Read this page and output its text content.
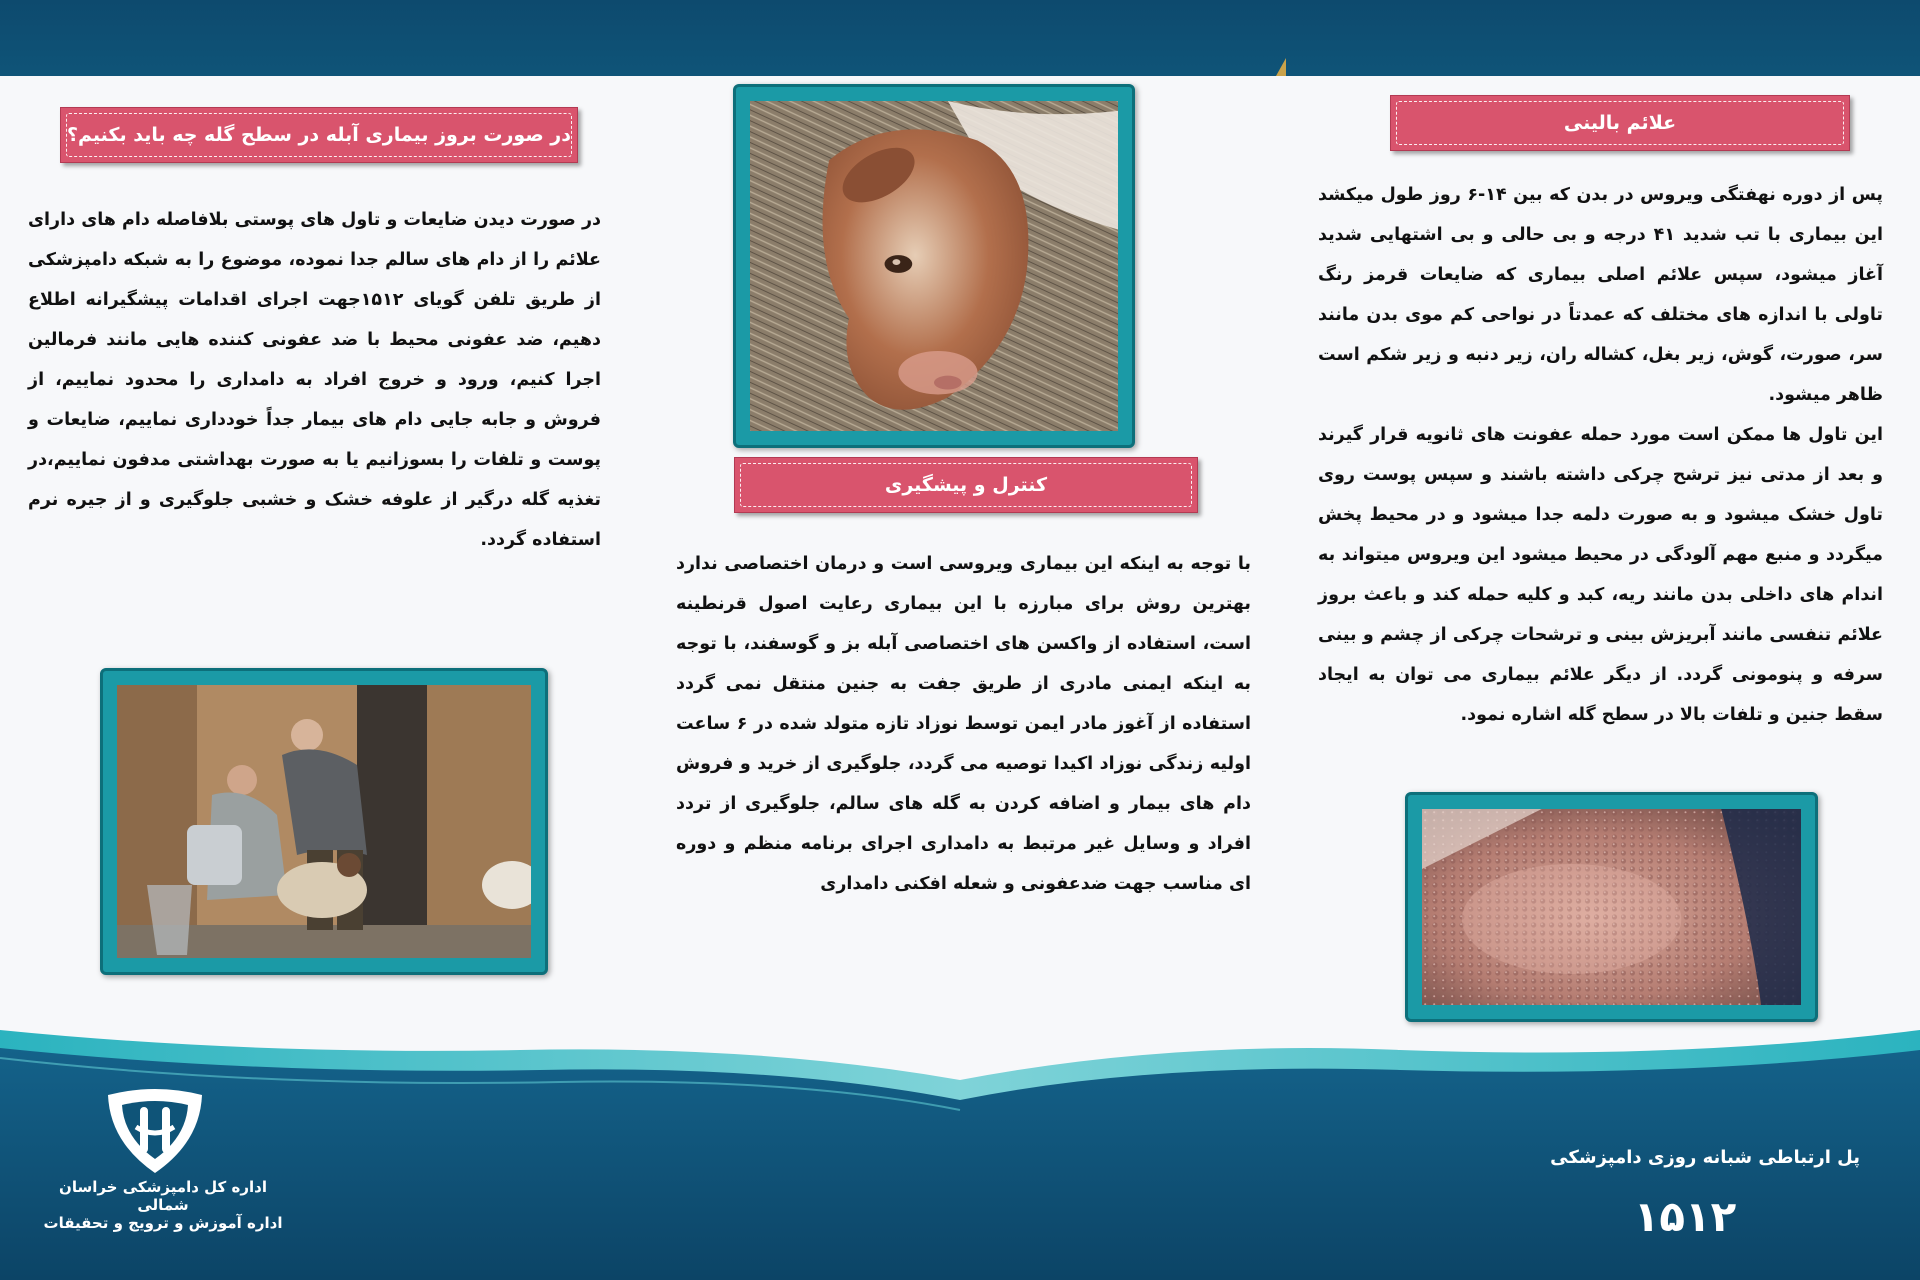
علائم بالینی
پس از دوره نهفتگی ویروس در بدن که بین ۱۴-۶ روز طول میکشد این بیماری با تب شدید ۴۱ درجه و بی حالی و بی اشتهایی شدید آغاز میشود، سپس علائم اصلی بیماری که ضایعات قرمز رنگ تاولی با اندازه های مختلف که عمدتاً در نواحی کم موی بدن مانند سر، صورت، گوش، زیر بغل، کشاله ران، زیر دنبه و زیر شکم است ظاهر میشود.
این تاول ها ممکن است مورد حمله عفونت های ثانویه قرار گیرند و بعد از مدتی نیز ترشح چرکی داشته باشند و سپس پوست روی تاول خشک میشود و به صورت دلمه جدا میشود و در محیط پخش میگردد و منبع مهم آلودگی در محیط میشود این ویروس میتواند به اندام های داخلی بدن مانند ریه، کبد و کلیه حمله کند و باعث بروز علائم تنفسی مانند آبریزش بینی و ترشحات چرکی از چشم و بینی سرفه و پنومونی گردد. از دیگر علائم بیماری می توان به ایجاد سقط جنین و تلفات بالا در سطح گله اشاره نمود.
کنترل و پیشگیری
با توجه به اینکه این بیماری ویروسی است و درمان اختصاصی ندارد بهترین روش برای مبارزه با این بیماری رعایت اصول قرنطینه است، استفاده از واکسن های اختصاصی آبله بز و گوسفند، با توجه به اینکه ایمنی مادری از طریق جفت به جنین منتقل نمی گردد استفاده از آغوز مادر ایمن توسط نوزاد تازه متولد شده در ۶ ساعت اولیه زندگی نوزاد اکیدا توصیه می گردد، جلوگیری از خرید و فروش دام های بیمار و اضافه کردن به گله های سالم، جلوگیری از تردد افراد و وسایل غیر مرتبط به دامداری اجرای برنامه منظم و دوره ای مناسب جهت ضدعفونی و شعله افکنی دامداری
در صورت بروز بیماری آبله در سطح گله چه باید بکنیم؟
در صورت دیدن ضایعات و تاول های پوستی بلافاصله دام های دارای علائم را از دام های سالم جدا نموده، موضوع را به شبکه دامپزشکی از طریق تلفن گویای ۱۵۱۲جهت اجرای اقدامات پیشگیرانه اطلاع دهیم، ضد عفونی محیط با ضد عفونی کننده هایی مانند فرمالین اجرا کنیم، ورود و خروج افراد به دامداری را محدود نماییم، از فروش و جابه جایی دام های بیمار جداً خودداری نماییم، ضایعات و پوست و تلفات را بسوزانیم یا به صورت بهداشتی مدفون نماییم،در تغذیه گله درگیر از علوفه خشک و خشبی جلوگیری و از جیره نرم استفاده گردد.
اداره کل دامپزشکی خراسان شمالی
اداره آموزش و ترویج و تحقیقات
پل ارتباطی شبانه روزی دامپزشکی
۱۵۱۲
